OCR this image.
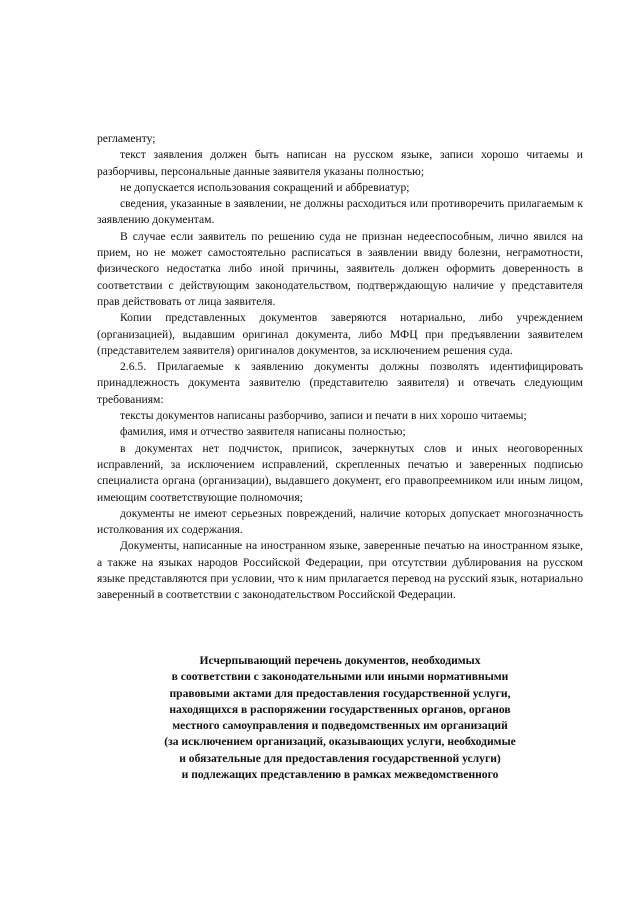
регламенту;

текст заявления должен быть написан на русском языке, записи хорошо читаемы и разборчивы, персональные данные заявителя указаны полностью;

не допускается использования сокращений и аббревиатур;

сведения, указанные в заявлении, не должны расходиться или противоречить прилагаемым к заявлению документам.

В случае если заявитель по решению суда не признан недееспособным, лично явился на прием, но не может самостоятельно расписаться в заявлении ввиду болезни, неграмотности, физического недостатка либо иной причины, заявитель должен оформить доверенность в соответствии с действующим законодательством, подтверждающую наличие у представителя прав действовать от лица заявителя.

Копии представленных документов заверяются нотариально, либо учреждением (организацией), выдавшим оригинал документа, либо МФЦ при предъявлении заявителем (представителем заявителя) оригиналов документов, за исключением решения суда.

2.6.5. Прилагаемые к заявлению документы должны позволять идентифицировать принадлежность документа заявителю (представителю заявителя) и отвечать следующим требованиям:

тексты документов написаны разборчиво, записи и печати в них хорошо читаемы;

фамилия, имя и отчество заявителя написаны полностью;

в документах нет подчисток, приписок, зачеркнутых слов и иных неоговоренных исправлений, за исключением исправлений, скрепленных печатью и заверенных подписью специалиста органа (организации), выдавшего документ, его правопреемником или иным лицом, имеющим соответствующие полномочия;

документы не имеют серьезных повреждений, наличие которых допускает многозначность истолкования их содержания.

Документы, написанные на иностранном языке, заверенные печатью на иностранном языке, а также на языках народов Российской Федерации, при отсутствии дублирования на русском языке представляются при условии, что к ним прилагается перевод на русский язык, нотариально заверенный в соответствии с законодательством Российской Федерации.

Исчерпывающий перечень документов, необходимых
в соответствии с законодательными или иными нормативными
правовыми актами для предоставления государственной услуги,
находящихся в распоряжении государственных органов, органов
местного самоуправления и подведомственных им организаций
(за исключением организаций, оказывающих услуги, необходимые
и обязательные для предоставления государственной услуги)
и подлежащих представлению в рамках межведомственного
